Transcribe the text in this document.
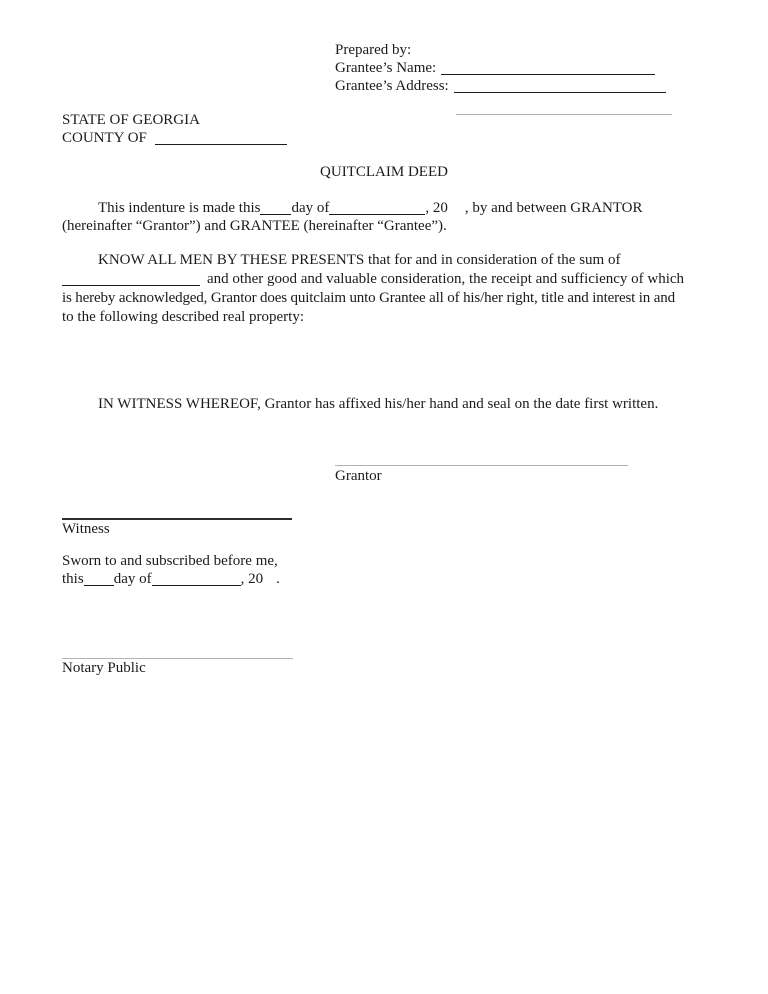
Prepared by:
Grantee’s Name:
Grantee’s Address:
STATE OF GEORGIA
COUNTY OF
QUITCLAIM DEED
This indenture is made this day of	, 20 , by and between GRANTOR
(hereinafter “Grantor”) and GRANTEE (hereinafter “Grantee”).
KNOW ALL MEN BY THESE PRESENTS that for and in consideration of the sum of
and other good and valuable consideration, the receipt and sufficiency of which
is hereby acknowledged, Grantor does quitclaim unto Grantee all of his/her right, title and interest in and
to the following described real property:
IN WITNESS WHEREOF, Grantor has affixed his/her hand and seal on the date first written.
Grantor
Witness
Sworn to and subscribed before me,
this day of	, 20 .
Notary Public
